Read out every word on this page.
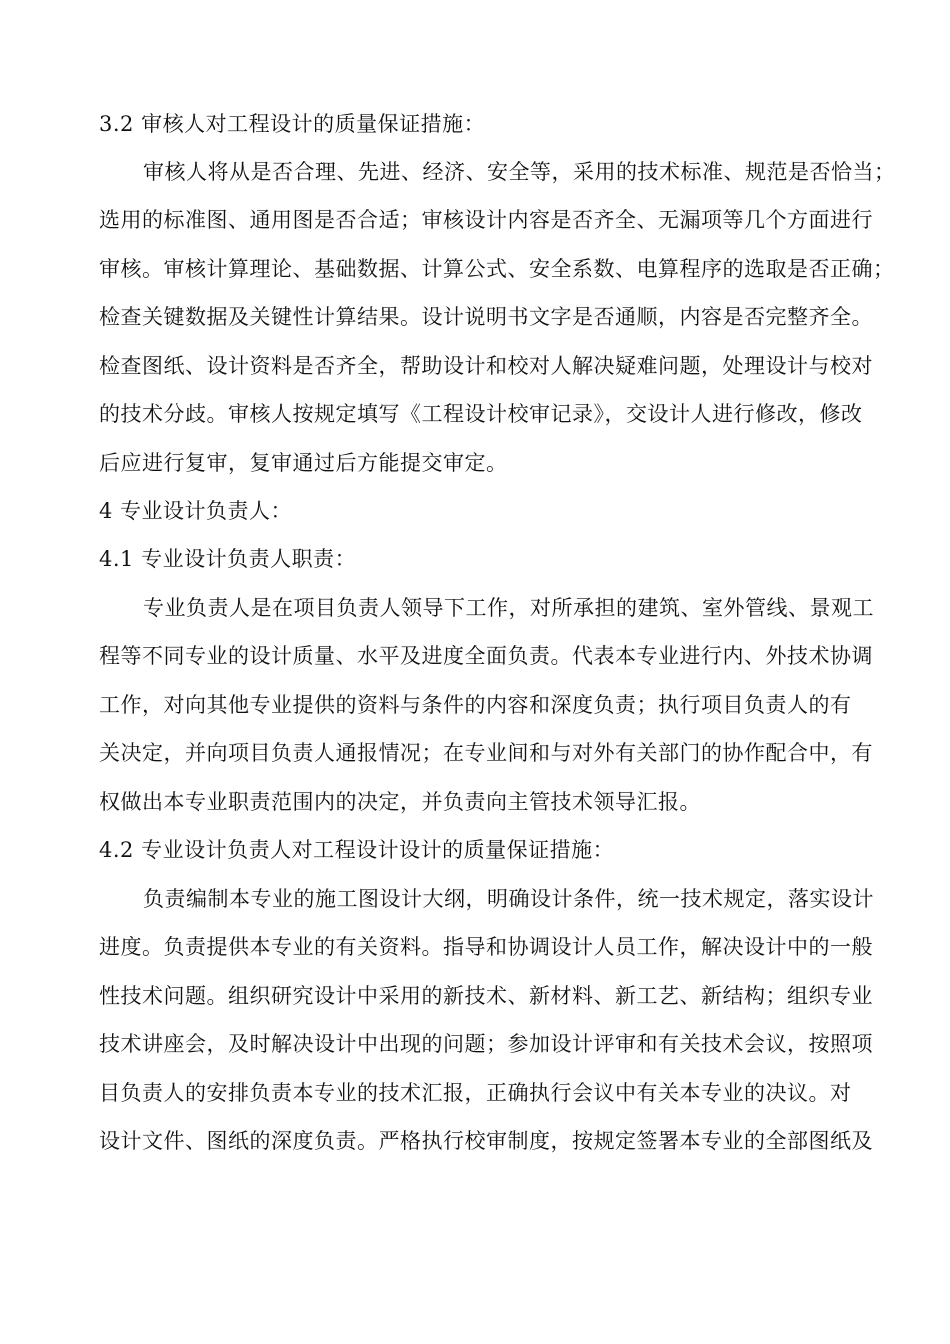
3.2 审核人对工程设计的质量保证措施：
审核人将从是否合理、先进、经济、安全等，采用的技术标准、规范是否恰当；
选用的标准图、通用图是否合适；审核设计内容是否齐全、无漏项等几个方面进行
审核。审核计算理论、基础数据、计算公式、安全系数、电算程序的选取是否正确；
检查关键数据及关键性计算结果。设计说明书文字是否通顺，内容是否完整齐全。
检查图纸、设计资料是否齐全，帮助设计和校对人解决疑难问题，处理设计与校对
的技术分歧。审核人按规定填写《工程设计校审记录》，交设计人进行修改，修改
后应进行复审，复审通过后方能提交审定。
4 专业设计负责人：
4.1 专业设计负责人职责：
专业负责人是在项目负责人领导下工作，对所承担的建筑、室外管线、景观工
程等不同专业的设计质量、水平及进度全面负责。代表本专业进行内、外技术协调
工作，对向其他专业提供的资料与条件的内容和深度负责；执行项目负责人的有
关决定，并向项目负责人通报情况；在专业间和与对外有关部门的协作配合中，有
权做出本专业职责范围内的决定，并负责向主管技术领导汇报。
4.2 专业设计负责人对工程设计设计的质量保证措施：
负责编制本专业的施工图设计大纲，明确设计条件，统一技术规定，落实设计
进度。负责提供本专业的有关资料。指导和协调设计人员工作，解决设计中的一般
性技术问题。组织研究设计中采用的新技术、新材料、新工艺、新结构；组织专业
技术讲座会，及时解决设计中出现的问题；参加设计评审和有关技术会议，按照项
目负责人的安排负责本专业的技术汇报，正确执行会议中有关本专业的决议。对
设计文件、图纸的深度负责。严格执行校审制度，按规定签署本专业的全部图纸及
